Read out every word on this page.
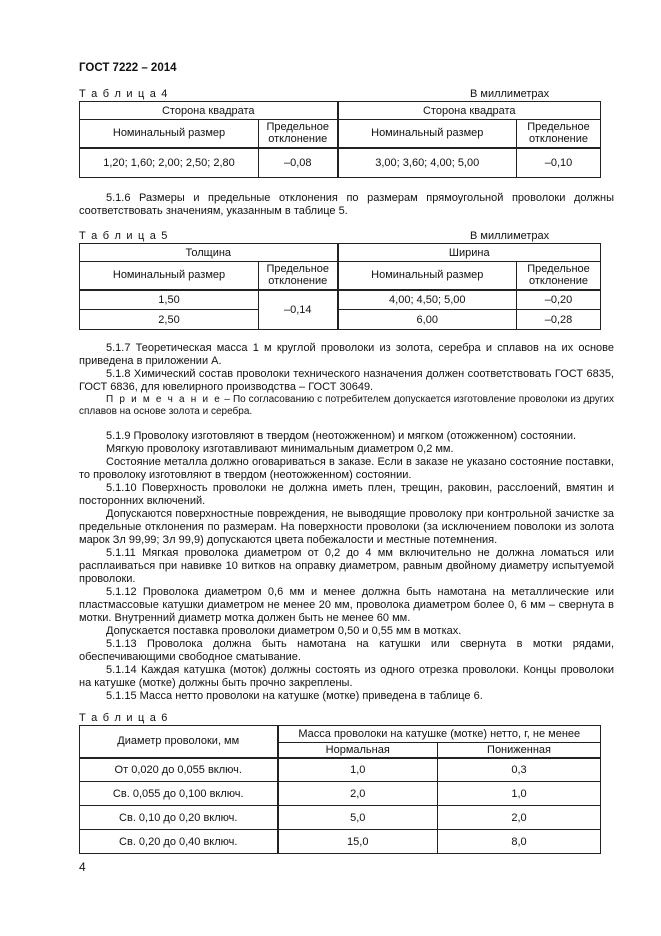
ГОСТ 7222 – 2014
Т а б л и ц а 4	В миллиметрах
Сторона квадрата		Сторона квадрата	
Номинальный размер	Предельное отклонение	Номинальный размер	Предельное отклонение
1,20; 1,60; 2,00; 2,50; 2,80	–0,08	3,00; 3,60; 4,00; 5,00	–0,10
5.1.6 Размеры и предельные отклонения по размерам прямоугольной проволоки должны соответствовать значениям, указанным в таблице 5.
Т а б л и ц а 5	В миллиметрах
Толщина		Ширина	
Номинальный размер	Предельное отклонение	Номинальный размер	Предельное отклонение
1,50	–0,14	4,00; 4,50; 5,00	–0,20
2,50		6,00	–0,28
5.1.7 Теоретическая масса 1 м круглой проволоки из золота, серебра и сплавов на их основе приведена в приложении А.
5.1.8 Химический состав проволоки технического назначения должен соответствовать ГОСТ 6835, ГОСТ 6836, для ювелирного производства – ГОСТ 30649.
П р и м е ч а н и е – По согласованию с потребителем допускается изготовление проволоки из других сплавов на основе золота и серебра.
5.1.9 Проволоку изготовляют в твердом (неотожженном) и мягком (отожженном) состоянии.
Мягкую проволоку изготавливают минимальным диаметром 0,2 мм.
Состояние металла должно оговариваться в заказе. Если в заказе не указано состояние поставки, то проволоку изготовляют в твердом (неотожженном) состоянии.
5.1.10 Поверхность проволоки не должна иметь плен, трещин, раковин, расслоений, вмятин и посторонних включений.
Допускаются поверхностные повреждения, не выводящие проволоку при контрольной зачистке за предельные отклонения по размерам. На поверхности проволоки (за исключением поволоки из золота марок Зл 99,99; Зл 99,9) допускаются цвета побежалости и местные потемнения.
5.1.11 Мягкая проволока диаметром от 0,2 до 4 мм включительно не должна ломаться или расплаиваться при навивке 10 витков на оправку диаметром, равным двойному диаметру испытуемой проволоки.
5.1.12 Проволока диаметром 0,6 мм и менее должна быть намотана на металлические или пластмассовые катушки диаметром не менее 20 мм, проволока диаметром более 0, 6 мм – свернута в мотки. Внутренний диаметр мотка должен быть не менее 60 мм.
Допускается поставка проволоки диаметром 0,50 и 0,55 мм в мотках.
5.1.13 Проволока должна быть намотана на катушки или свернута в мотки рядами, обеспечивающими свободное сматывание.
5.1.14 Каждая катушка (моток) должны состоять из одного отрезка проволоки. Концы проволоки на катушке (мотке) должны быть прочно закреплены.
5.1.15 Масса нетто проволоки на катушке (мотке) приведена в таблице 6.
Т а б л и ц а 6
Диаметр проволоки, мм	Масса проволоки на катушке (мотке) нетто, г, не менее	
	Нормальная	Пониженная
От 0,020 до 0,055 включ.	1,0	0,3
Св. 0,055 до 0,100 включ.	2,0	1,0
Св. 0,10 до 0,20 включ.	5,0	2,0
Св. 0,20 до 0,40 включ.	15,0	8,0
4
